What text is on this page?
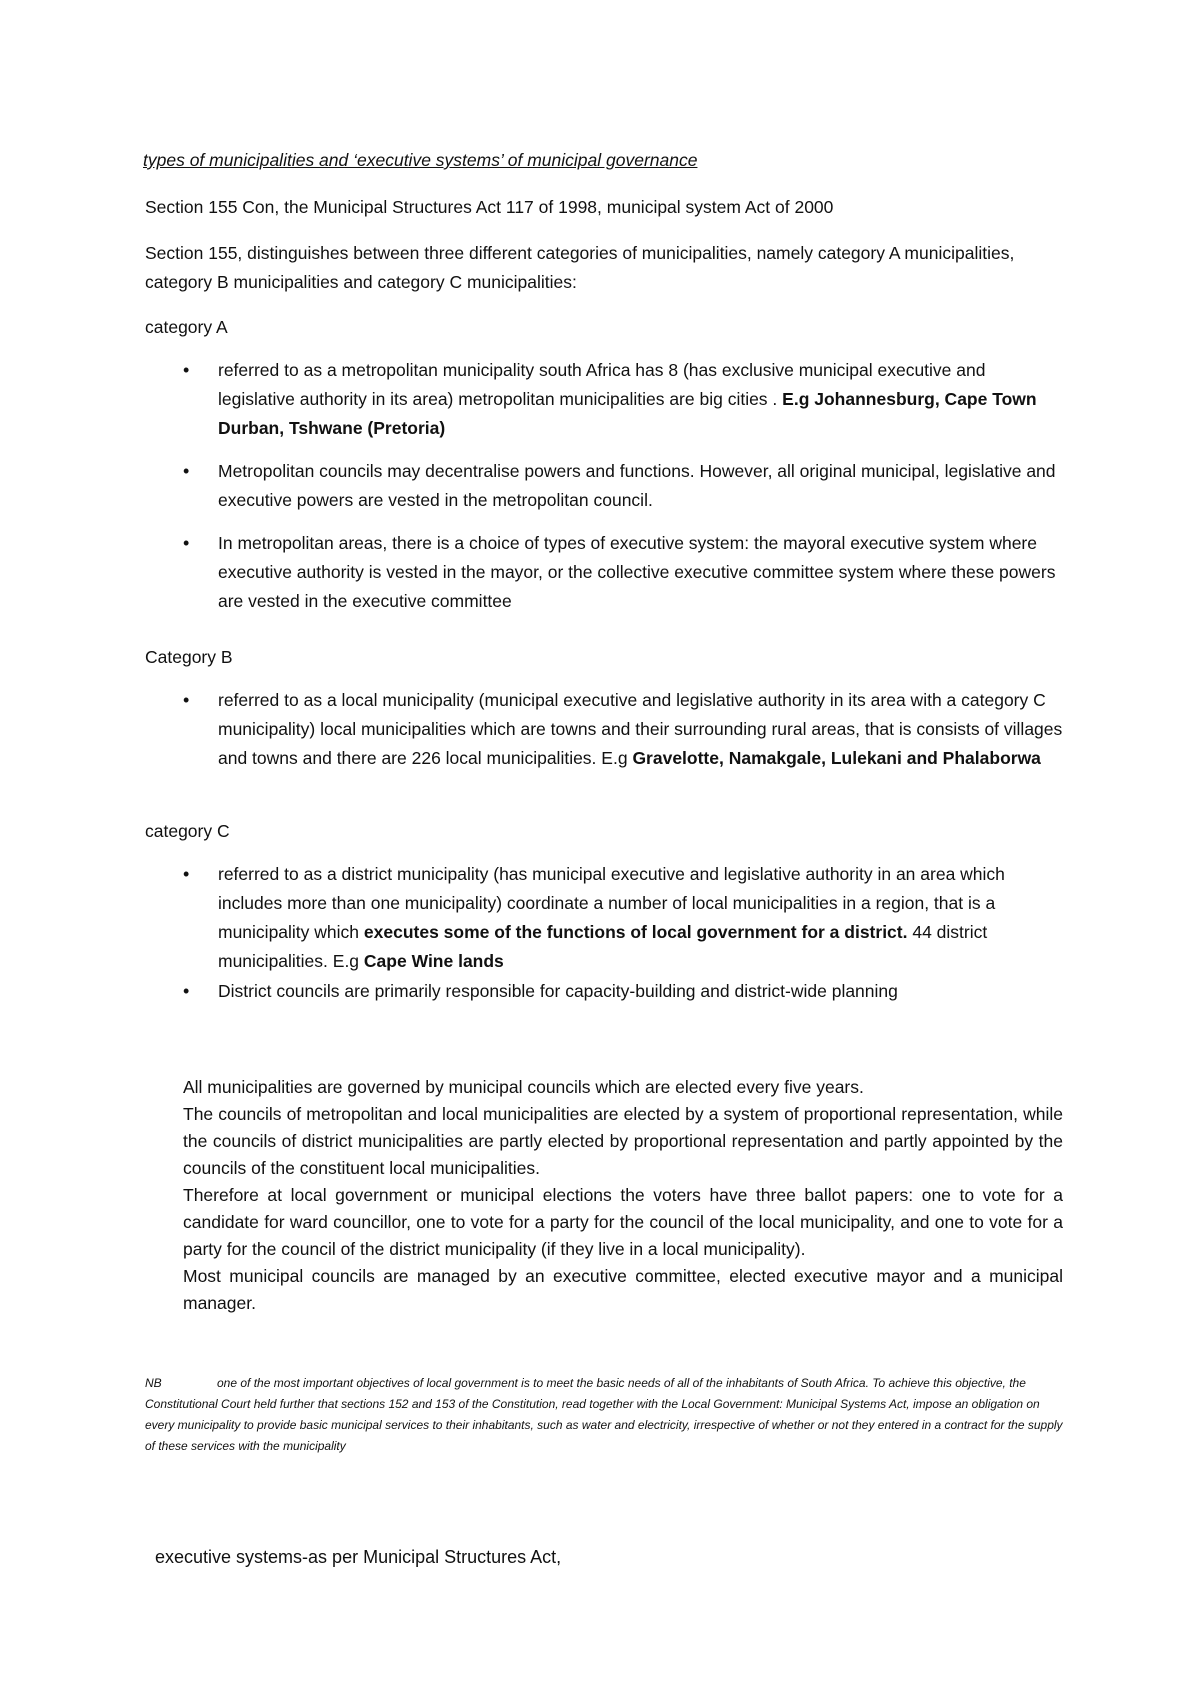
types of municipalities and ‘executive systems’ of municipal governance

Section 155 Con, the Municipal Structures Act 117 of 1998, municipal system Act of 2000

Section 155, distinguishes between three different categories of municipalities, namely category A municipalities, category B municipalities and category C municipalities:

category A

• referred to as a metropolitan municipality south Africa has 8 (has exclusive municipal executive and legislative authority in its area) metropolitan municipalities are big cities . E.g Johannesburg, Cape Town Durban, Tshwane (Pretoria)
• Metropolitan councils may decentralise powers and functions. However, all original municipal, legislative and executive powers are vested in the metropolitan council.
• In metropolitan areas, there is a choice of types of executive system: the mayoral executive system where executive authority is vested in the mayor, or the collective executive committee system where these powers are vested in the executive committee

Category B

• referred to as a local municipality (municipal executive and legislative authority in its area with a category C municipality) local municipalities which are towns and their surrounding rural areas, that is consists of villages and towns and there are 226 local municipalities. E.g Gravelotte, Namakgale, Lulekani and Phalaborwa

category C

• referred to as a district municipality (has municipal executive and legislative authority in an area which includes more than one municipality) coordinate a number of local municipalities in a region, that is a municipality which executes some of the functions of local government for a district. 44 district municipalities. E.g Cape Wine lands
• District councils are primarily responsible for capacity-building and district-wide planning

All municipalities are governed by municipal councils which are elected every five years.

The councils of metropolitan and local municipalities are elected by a system of proportional representation, while the councils of district municipalities are partly elected by proportional representation and partly appointed by the councils of the constituent local municipalities.

Therefore at local government or municipal elections the voters have three ballot papers: one to vote for a candidate for ward councillor, one to vote for a party for the council of the local municipality, and one to vote for a party for the council of the district municipality (if they live in a local municipality).

Most municipal councils are managed by an executive committee, elected executive mayor and a municipal manager.

NB	one of the most important objectives of local government is to meet the basic needs of all of the inhabitants of South Africa. To achieve this objective, the Constitutional Court held further that sections 152 and 153 of the Constitution, read together with the Local Government: Municipal Systems Act, impose an obligation on every municipality to provide basic municipal services to their inhabitants, such as water and electricity, irrespective of whether or not they entered in a contract for the supply of these services with the municipality

executive systems-as per Municipal Structures Act,
